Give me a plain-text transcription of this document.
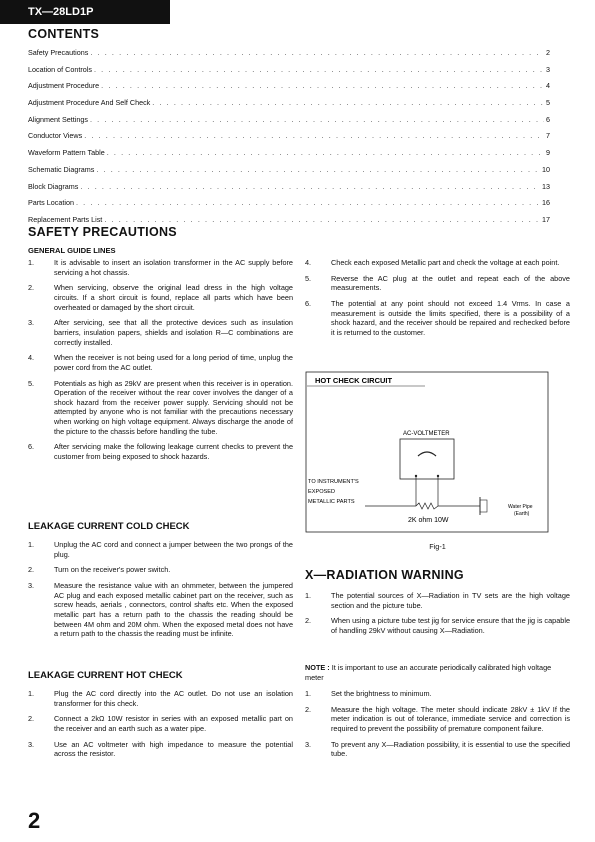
TX—28LD1P
CONTENTS
Safety Precautions . . .	2
Location of Controls . . .	3
Adjustment Procedure . . .	4
Adjustment Procedure And Self Check . . .	5
Alignment Settings . . .	6
Conductor Views . . .	7
Waveform Pattern Table . . .	9
Schematic Diagrams . . .	10
Block Diagrams . . .	13
Parts Location . . .	16
Replacement Parts List . . .	17
SAFETY PRECAUTIONS
GENERAL GUIDE LINES
1.	It is advisable to insert an isolation transformer in the AC supply before servicing a hot chassis.
2.	When servicing, observe the original lead dress in the high voltage circuits. If a short circuit is found, replace all parts which have been overheated or damaged by the short circuit.
3.	After servicing, see that all the protective devices such as insulation barriers, insulation papers, shields and isolation R—C combinations are correctly installed.
4.	When the receiver is not being used for a long period of time, unplug the power cord from the AC outlet.
5.	Potentials as high as 29kV are present when this receiver is in operation. Operation of the receiver without the rear cover involves the danger of a shock hazard from the receiver power supply. Servicing should not be attempted by anyone who is not familiar with the precautions necessary when working on high voltage equipment. Always discharge the anode of the picture to the chassis before handling the tube.
6.	After servicing make the following leakage current checks to prevent the customer from being exposed to shock hazards.
4.	Check each exposed Metallic part and check the voltage at each point.
5.	Reverse the AC plug at the outlet and repeat each of the above measurements.
6.	The potential at any point should not exceed 1.4 Vrms. In case a measurement is outside the limits specified, there is a possibility of a shock hazard, and the receiver should be repaired and rechecked before it is returned to the customer.
LEAKAGE CURRENT COLD CHECK
1.	Unplug the AC cord and connect a jumper between the two prongs of the plug.
2.	Turn on the receiver's power switch.
3.	Measure the resistance value with an ohmmeter, between the jumpered AC plug and each exposed metallic cabinet part on the receiver, such as screw heads, aerials , connectors, control shafts etc. When the exposed metallic part has a return path to the chassis the reading should be between 4M ohm and 20M ohm. When the exposed metal does not have a return path to the chassis the reading must be infinite.
LEAKAGE CURRENT HOT CHECK
1.	Plug the AC cord directly into the AC outlet. Do not use an isolation transformer for this check.
2.	Connect a 2kΩ 10W resistor in series with an exposed metallic part on the receiver and an earth such as a water pipe.
3.	Use an AC voltmeter with high impedance to measure the potential across the resistor.
HOT CHECK CIRCUIT
AC-VOLTMETER
TO INSTRUMENT'S
EXPOSED
METALLIC PARTS
2K ohm 10W
Water Pipe
(Earth)
Fig-1
X—RADIATION WARNING
1.	The potential sources of X—Radiation in TV sets are the high voltage section and the picture tube.
2.	When using a picture tube test jig for service ensure that the jig is capable of handling 29kV without causing X—Radiation.
NOTE : It is important to use an accurate periodically calibrated high voltage meter
1.	Set the brightness to minimum.
2.	Measure the high voltage. The meter should indicate 28kV ± 1kV If the meter indication is out of tolerance, immediate service and correction is required to prevent the possibility of premature component failure.
3.	To prevent any X—Radiation possibility, it is essential to use the specified tube.
2
